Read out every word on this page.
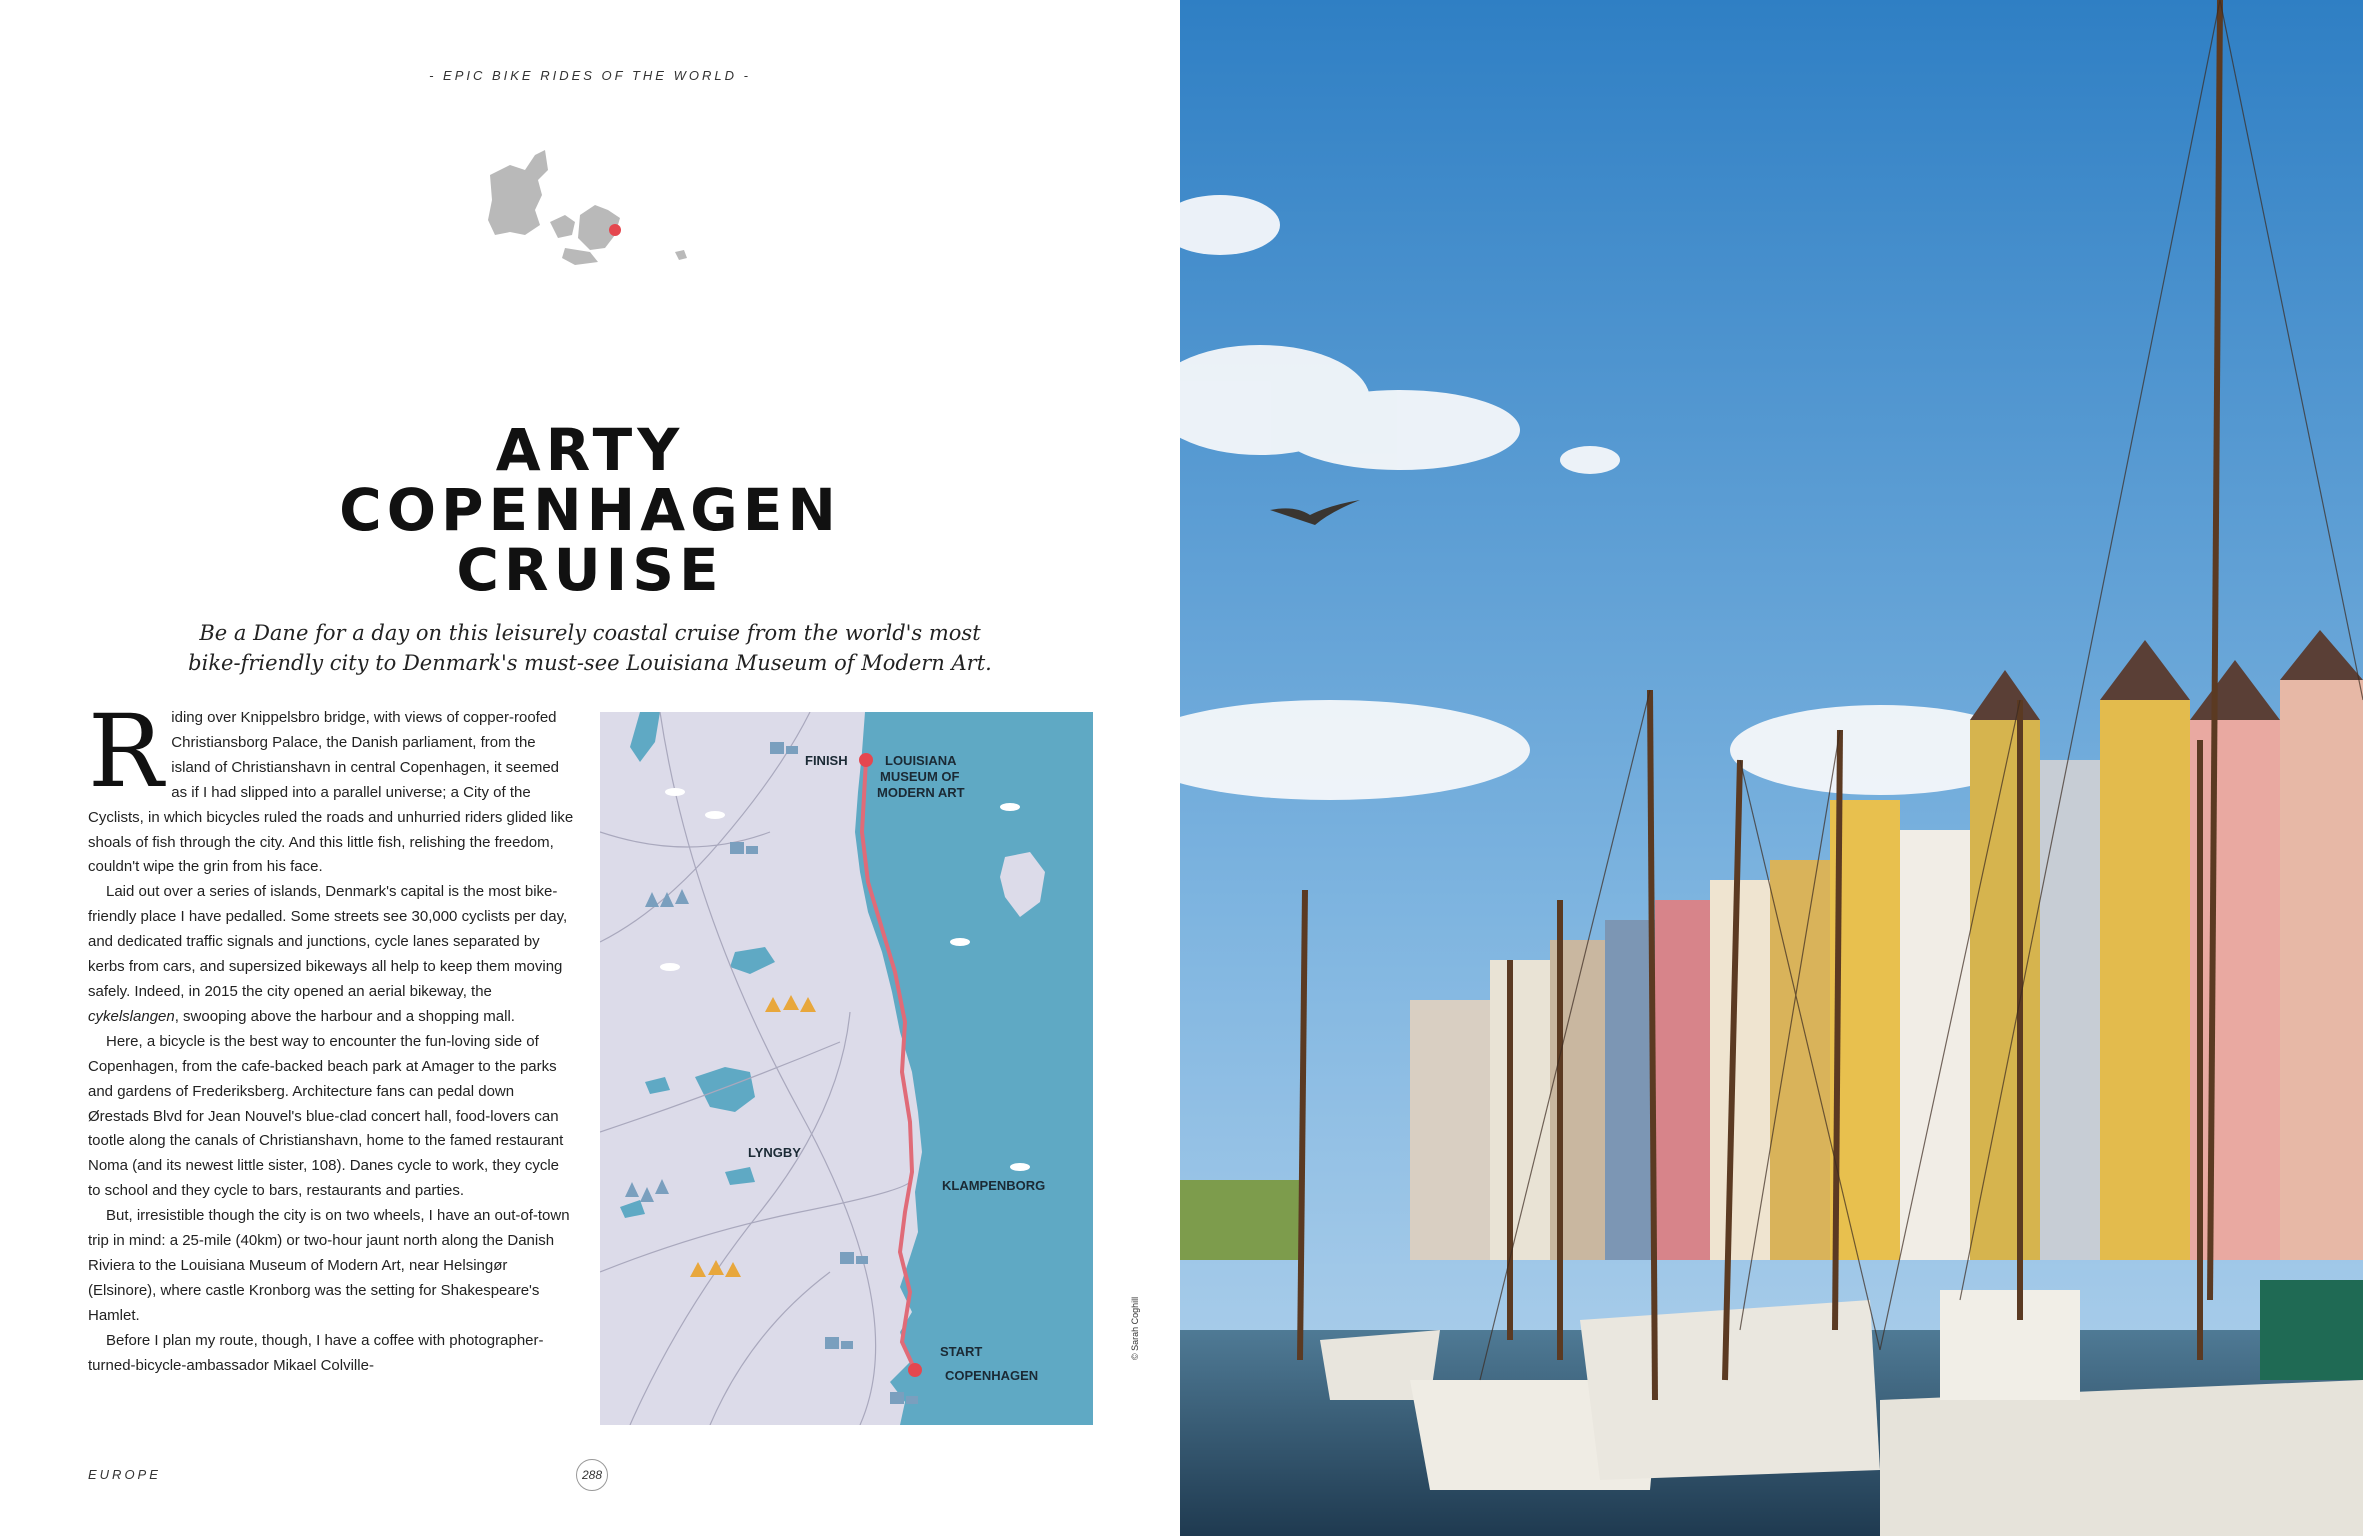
- EPIC BIKE RIDES OF THE WORLD -
ARTY
COPENHAGEN
CRUISE
Be a Dane for a day on this leisurely coastal cruise from the world's most bike-friendly city to Denmark's must-see Louisiana Museum of Modern Art.

Riding over Knippelsbro bridge, with views of copper-roofed Christiansborg Palace, the Danish parliament, from the island of Christianshavn in central Copenhagen, it seemed as if I had slipped into a parallel universe; a City of the Cyclists, in which bicycles ruled the roads and unhurried riders glided like shoals of fish through the city. And this little fish, relishing the freedom, couldn't wipe the grin from his face.

Laid out over a series of islands, Denmark's capital is the most bike-friendly place I have pedalled. Some streets see 30,000 cyclists per day, and dedicated traffic signals and junctions, cycle lanes separated by kerbs from cars, and supersized bikeways all help to keep them moving safely. Indeed, in 2015 the city opened an aerial bikeway, the cykelslangen, swooping above the harbour and a shopping mall.

Here, a bicycle is the best way to encounter the fun-loving side of Copenhagen, from the cafe-backed beach park at Amager to the parks and gardens of Frederiksberg. Architecture fans can pedal down Ørestads Blvd for Jean Nouvel's blue-clad concert hall, food-lovers can tootle along the canals of Christianshavn, home to the famed restaurant Noma (and its newest little sister, 108). Danes cycle to work, they cycle to school and they cycle to bars, restaurants and parties.

But, irresistible though the city is on two wheels, I have an out-of-town trip in mind: a 25-mile (40km) or two-hour jaunt north along the Danish Riviera to the Louisiana Museum of Modern Art, near Helsingør (Elsinore), where castle Kronborg was the setting for Shakespeare's Hamlet.

Before I plan my route, though, I have a coffee with photographer-turned-bicycle-ambassador Mikael Colville-

FINISH	LOUISIANA
MUSEUM OF
MODERN ART
LYNGBY
KLAMPENBORG
START
COPENHAGEN
© Sarah Coghill
EUROPE	288
